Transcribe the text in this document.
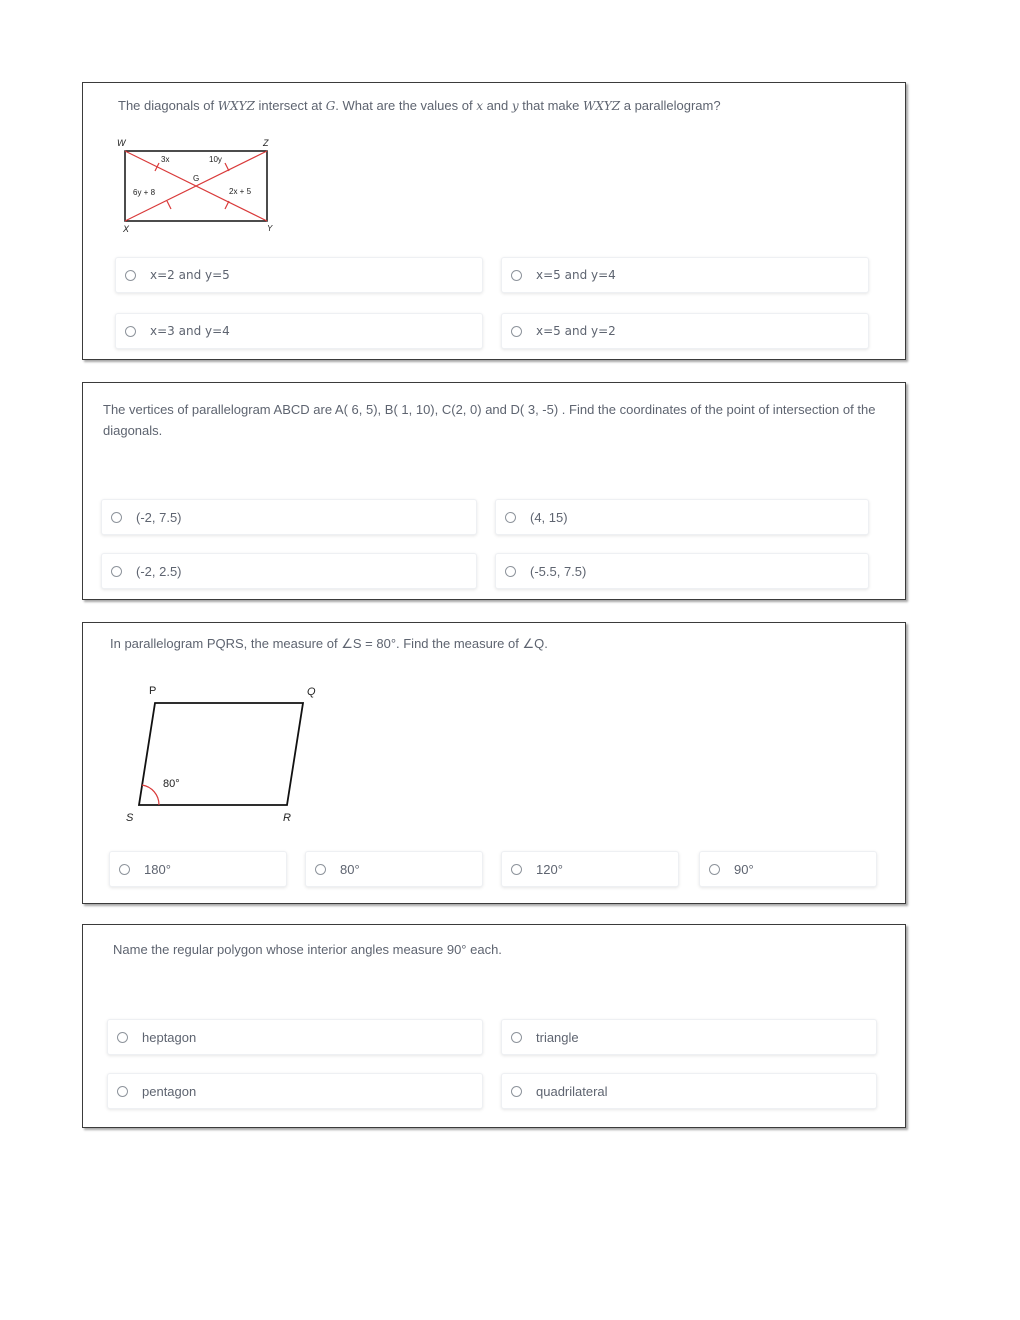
The diagonals of WXYZ intersect at G. What are the values of x and y that make WXYZ a parallelogram?
W	Z
X	Y
G
3x	10y
6y + 8	2x + 5
x=2 and y=5	x=5 and y=4
x=3 and y=4	x=5 and y=2
The vertices of parallelogram ABCD are A( 6, 5), B( 1, 10), C(2, 0) and D( 3, -5) . Find the coordinates of the point of intersection of the diagonals.
(-2, 7.5)	(4, 15)
(-2, 2.5)	(-5.5, 7.5)
In parallelogram PQRS, the measure of ∠S = 80°. Find the measure of ∠Q.
P	Q
S	R
80°
180°	80°	120°	90°
Name the regular polygon whose interior angles measure 90° each.
heptagon	triangle
pentagon	quadrilateral
